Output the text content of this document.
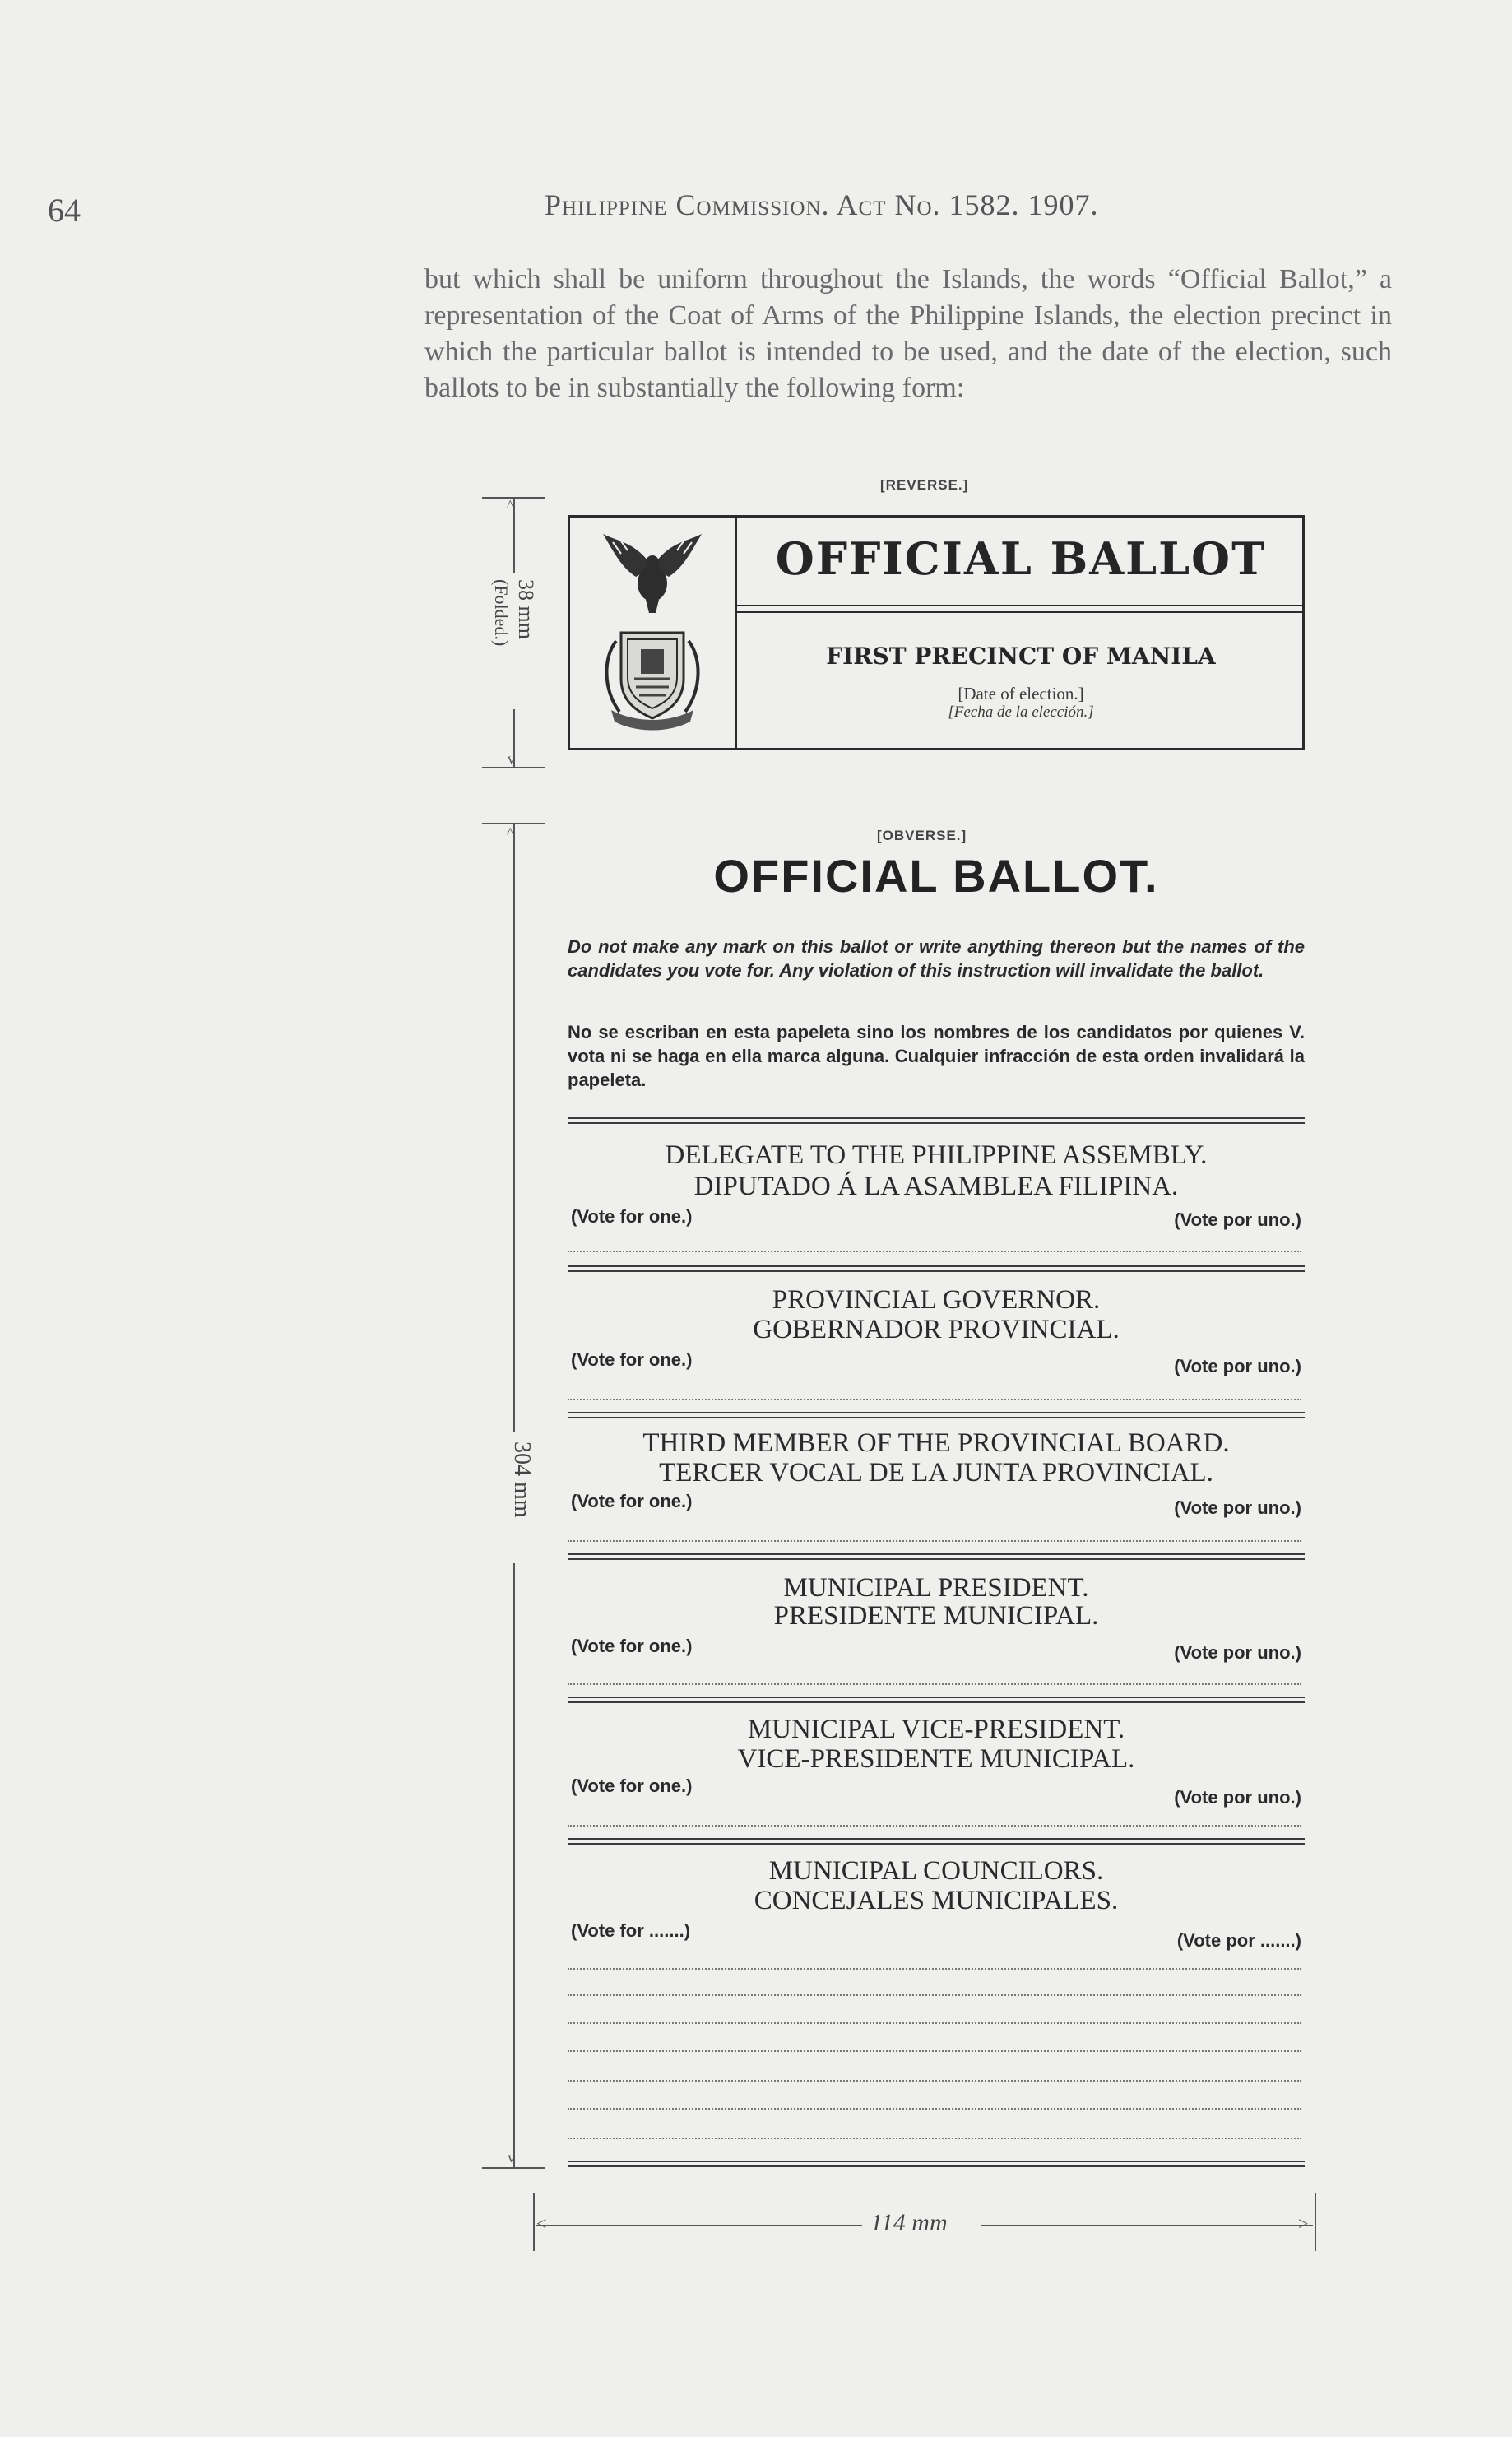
64	Philippine Commission. Act No. 1582. 1907.
but which shall be uniform throughout the Islands, the words “Official Ballot,” a representation of the Coat of Arms of the Philippine Islands, the election precinct in which the particular ballot is intended to be used, and the date of the election, such ballots to be in substantially the following form:
[REVERSE.]
^
v
38 mm
(Folded.)
OFFICIAL BALLOT
FIRST PRECINCT OF MANILA
[Date of election.]
[Fecha de la elección.]
[OBVERSE.]
^
v
304 mm
OFFICIAL BALLOT.
Do not make any mark on this ballot or write anything thereon but the names of the candidates you vote for. Any violation of this instruction will invalidate the ballot.
No se escriban en esta papeleta sino los nombres de los candidatos por quienes V. vota ni se haga en ella marca alguna. Cualquier infracción de esta orden invalidará la papeleta.
DELEGATE TO THE PHILIPPINE ASSEMBLY.
DIPUTADO Á LA ASAMBLEA FILIPINA.
(Vote for one.)	(Vote por uno.)
PROVINCIAL GOVERNOR.
GOBERNADOR PROVINCIAL.
(Vote for one.)	(Vote por uno.)
THIRD MEMBER OF THE PROVINCIAL BOARD.
TERCER VOCAL DE LA JUNTA PROVINCIAL.
(Vote for one.)	(Vote por uno.)
MUNICIPAL PRESIDENT.
PRESIDENTE MUNICIPAL.
(Vote for one.)	(Vote por uno.)
MUNICIPAL VICE-PRESIDENT.
VICE-PRESIDENTE MUNICIPAL.
(Vote for one.)
(Vote por uno.)
MUNICIPAL COUNCILORS.
CONCEJALES MUNICIPALES.
(Vote for .......)	(Vote por .......)
<	>
114 mm
